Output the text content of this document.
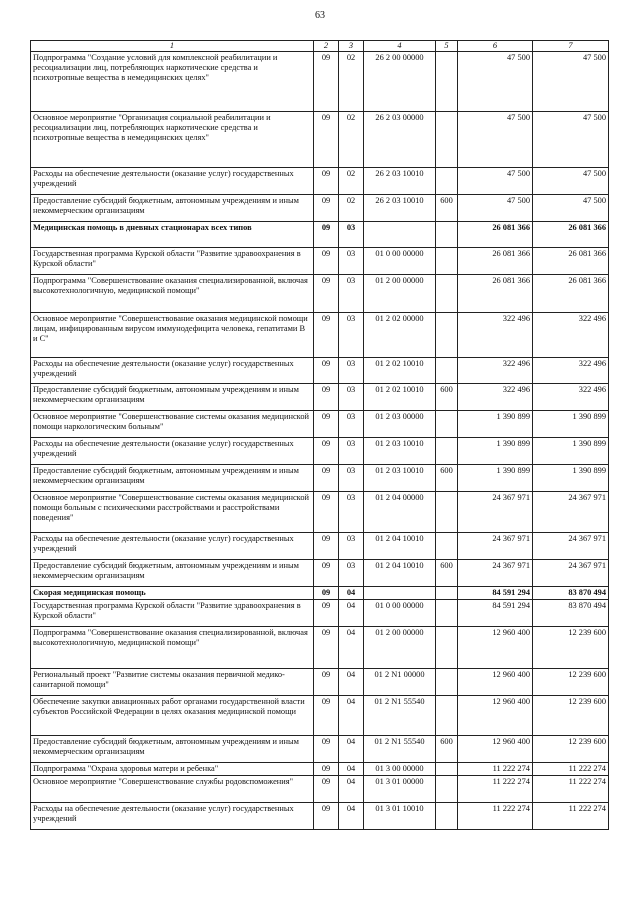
63
1	2	3	4	5	6	7
Подпрограмма "Создание условий для комплексной реабилитации и ресоциализации лиц, потребляющих наркотические средства и психотропные вещества в немедицинских целях"	09	02	26 2 00 00000		47 500	47 500
Основное мероприятие "Организация социальной реабилитации и ресоциализации лиц, потребляющих наркотические средства и психотропные вещества в немедицинских целях"	09	02	26 2 03 00000		47 500	47 500
Расходы на обеспечение деятельности (оказание услуг) государственных учреждений	09	02	26 2 03 10010		47 500	47 500
Предоставление субсидий бюджетным, автономным учреждениям и иным некоммерческим организациям	09	02	26 2 03 10010	600	47 500	47 500
Медицинская помощь в дневных стационарах всех типов	09	03			26 081 366	26 081 366
Государственная программа Курской области "Развитие здравоохранения в Курской области"	09	03	01 0 00 00000		26 081 366	26 081 366
Подпрограмма "Совершенствование оказания специализированной, включая высокотехнологичную, медицинской помощи"	09	03	01 2 00 00000		26 081 366	26 081 366
Основное мероприятие "Совершенствование оказания медицинской помощи лицам, инфицированным вирусом иммунодефицита человека, гепатитами В и С"	09	03	01 2 02 00000		322 496	322 496
Расходы на обеспечение деятельности (оказание услуг) государственных учреждений	09	03	01 2 02 10010		322 496	322 496
Предоставление субсидий бюджетным, автономным учреждениям и иным некоммерческим организациям	09	03	01 2 02 10010	600	322 496	322 496
Основное мероприятие "Совершенствование системы оказания медицинской помощи наркологическим больным"	09	03	01 2 03 00000		1 390 899	1 390 899
Расходы на обеспечение деятельности (оказание услуг) государственных учреждений	09	03	01 2 03 10010		1 390 899	1 390 899
Предоставление субсидий бюджетным, автономным учреждениям и иным некоммерческим организациям	09	03	01 2 03 10010	600	1 390 899	1 390 899
Основное мероприятие "Совершенствование системы оказания медицинской помощи больным с психическими расстройствами и расстройствами поведения"	09	03	01 2 04 00000		24 367 971	24 367 971
Расходы на обеспечение деятельности (оказание услуг) государственных учреждений	09	03	01 2 04 10010		24 367 971	24 367 971
Предоставление субсидий бюджетным, автономным учреждениям и иным некоммерческим организациям	09	03	01 2 04 10010	600	24 367 971	24 367 971
Скорая медицинская помощь	09	04			84 591 294	83 870 494
Государственная программа Курской области "Развитие здравоохранения в Курской области"	09	04	01 0 00 00000		84 591 294	83 870 494
Подпрограмма "Совершенствование оказания специализированной, включая высокотехнологичную, медицинской помощи"	09	04	01 2 00 00000		12 960 400	12 239 600
Региональный проект "Развитие системы оказания первичной медико-санитарной помощи"	09	04	01 2 N1 00000		12 960 400	12 239 600
Обеспечение закупки авиационных работ органами государственной власти субъектов Российской Федерации в целях оказания медицинской помощи	09	04	01 2 N1 55540		12 960 400	12 239 600
Предоставление субсидий бюджетным, автономным учреждениям и иным некоммерческим организациям	09	04	01 2 N1 55540	600	12 960 400	12 239 600
Подпрограмма "Охрана здоровья матери и ребенка"	09	04	01 3 00 00000		11 222 274	11 222 274
Основное мероприятие "Совершенствование службы родовспоможения"	09	04	01 3 01 00000		11 222 274	11 222 274
Расходы на обеспечение деятельности (оказание услуг) государственных учреждений	09	04	01 3 01 10010		11 222 274	11 222 274
